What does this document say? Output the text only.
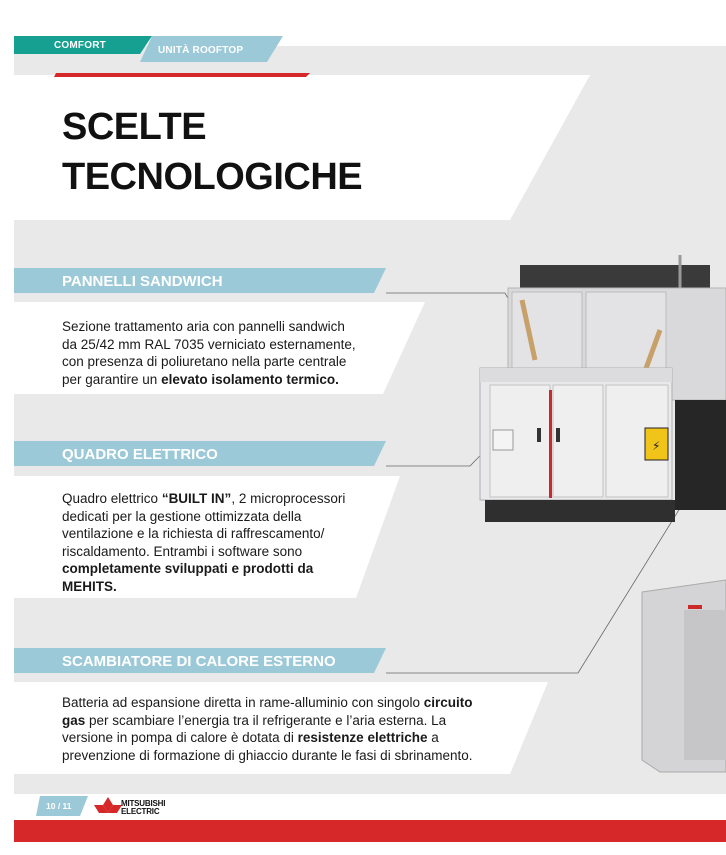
⚡
COMFORT	UNITÀ ROOFTOP
SCELTE
TECNOLOGICHE
PANNELLI SANDWICH
Sezione trattamento aria con pannelli sandwich
da 25/42 mm RAL 7035 verniciato esternamente,
con presenza di poliuretano nella parte centrale
per garantire un elevato isolamento termico.
QUADRO ELETTRICO
Quadro elettrico “BUILT IN”, 2 microprocessori
dedicati per la gestione ottimizzata della
ventilazione e la richiesta di raffrescamento/
riscaldamento. Entrambi i software sono
completamente sviluppati e prodotti da
MEHITS.
SCAMBIATORE DI CALORE ESTERNO
Batteria ad espansione diretta in rame-alluminio con singolo circuito
gas per scambiare l’energia tra il refrigerante e l’aria esterna. La
versione in pompa di calore è dotata di resistenze elettriche a
prevenzione di formazione di ghiaccio durante le fasi di sbrinamento.
10 / 11	MITSUBISHI
ELECTRIC
